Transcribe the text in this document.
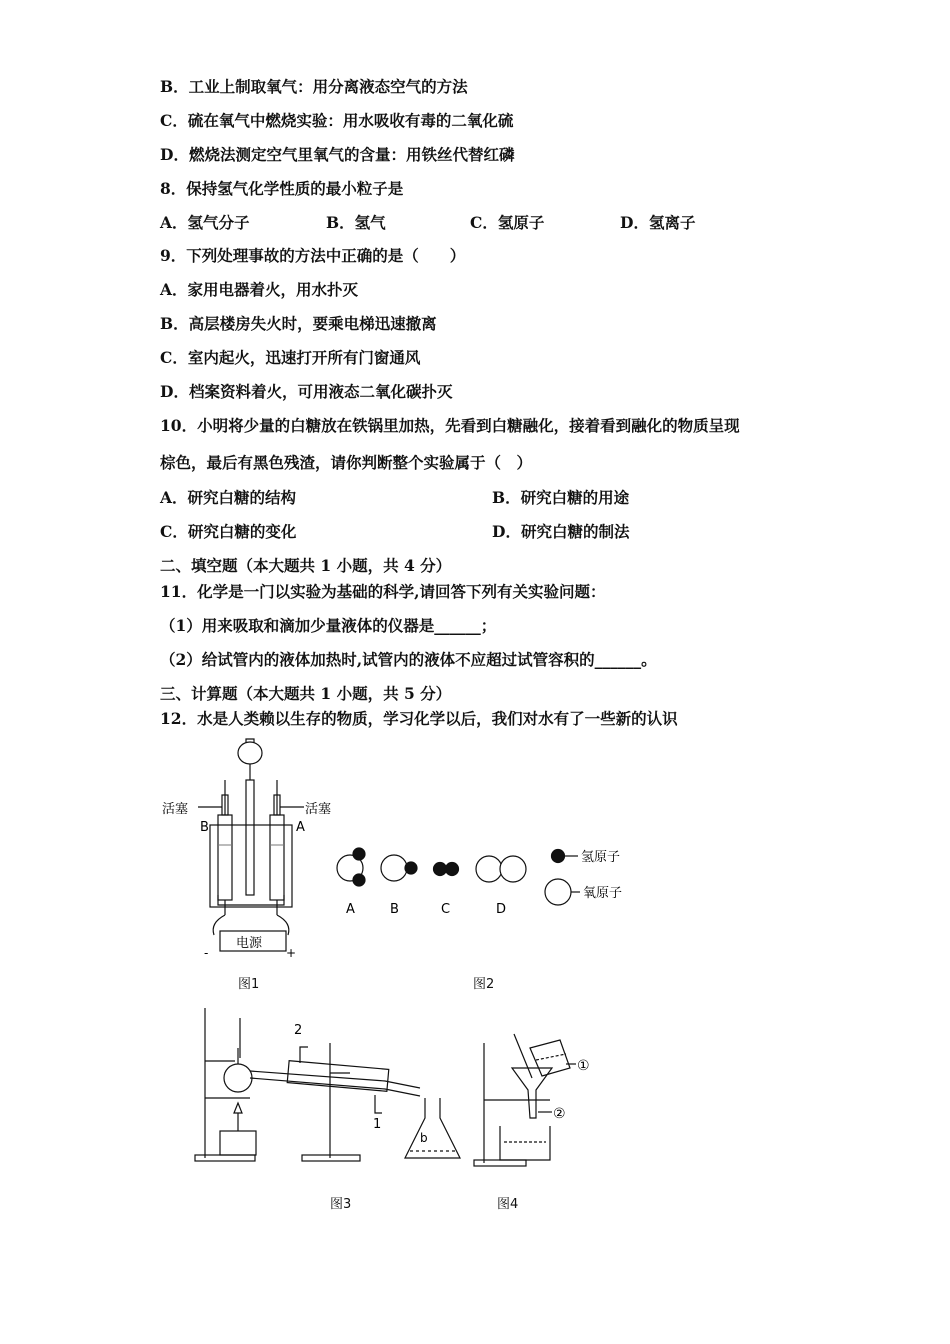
B．工业上制取氧气：用分离液态空气的方法
C．硫在氧气中燃烧实验：用水吸收有毒的二氧化硫
D．燃烧法测定空气里氧气的含量：用铁丝代替红磷
8．保持氢气化学性质的最小粒子是
A．氢气分子	B．氢气	C．氢原子	D．氢离子
9．下列处理事故的方法中正确的是（　　）
A．家用电器着火，用水扑灭
B．高层楼房失火时，要乘电梯迅速撤离
C．室内起火，迅速打开所有门窗通风
D．档案资料着火，可用液态二氧化碳扑灭
10．小明将少量的白糖放在铁锅里加热，先看到白糖融化，接着看到融化的物质呈现
棕色，最后有黑色残渣，请你判断整个实验属于（　）
A．研究白糖的结构	B．研究白糖的用途
C．研究白糖的变化	D．研究白糖的制法
二、填空题（本大题共 1 小题，共 4 分）
11．化学是一门以实验为基础的科学,请回答下列有关实验问题：
（1）用来吸取和滴加少量液体的仪器是______；
（2）给试管内的液体加热时,试管内的液体不应超过试管容积的______。
三、计算题（本大题共 1 小题，共 5 分）
12．水是人类赖以生存的物质，学习化学以后，我们对水有了一些新的认识
活塞	活塞
B	A
电源
-	+
图1
A	B	C	D
氢原子
氧原子
图2
2
1
b
图3
①
②
图4
